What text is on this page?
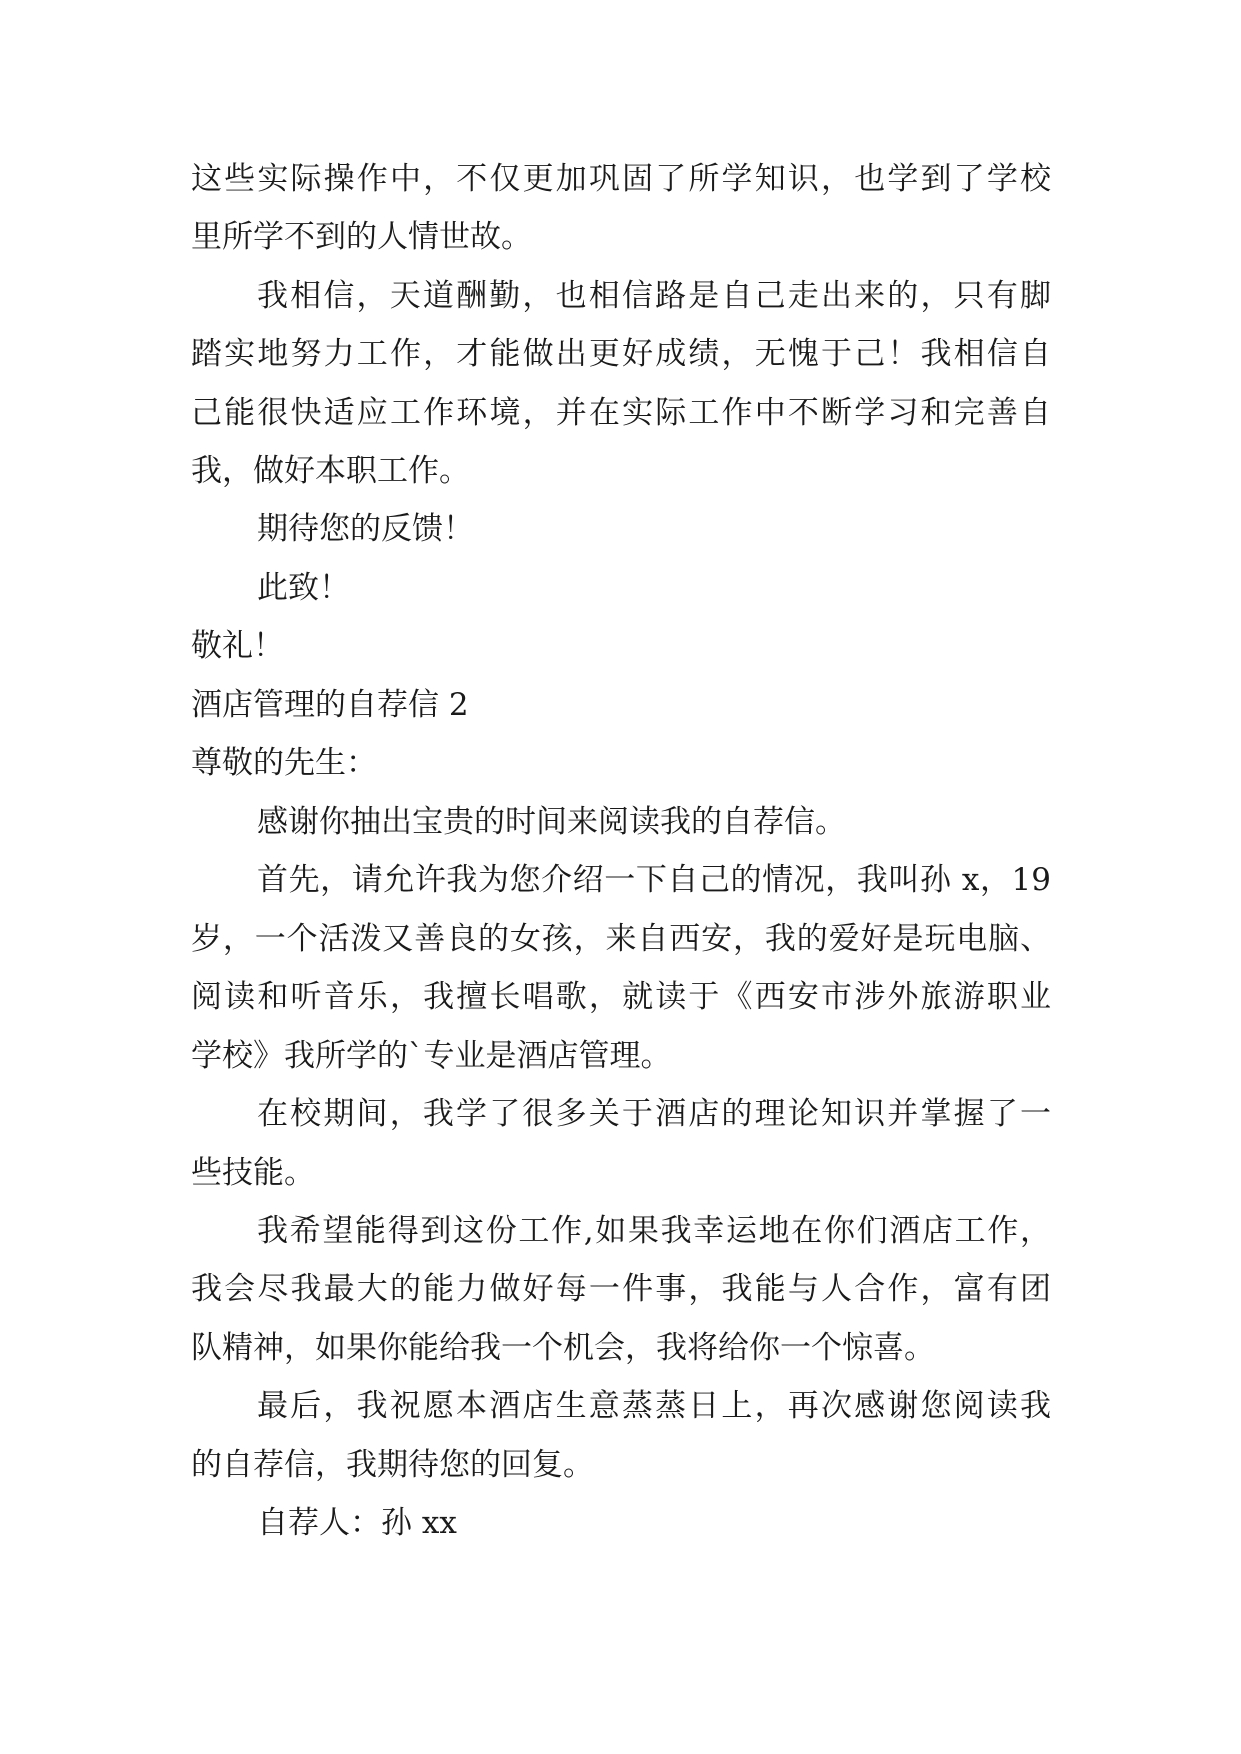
这些实际操作中，不仅更加巩固了所学知识，也学到了学校
里所学不到的人情世故。
我相信，天道酬勤，也相信路是自己走出来的，只有脚
踏实地努力工作，才能做出更好成绩，无愧于己！我相信自
己能很快适应工作环境，并在实际工作中不断学习和完善自
我，做好本职工作。
期待您的反馈！
此致！
敬礼！
酒店管理的自荐信 2
尊敬的先生：
感谢你抽出宝贵的时间来阅读我的自荐信。
首先，请允许我为您介绍一下自己的情况，我叫孙 x，19
岁，一个活泼又善良的女孩，来自西安，我的爱好是玩电脑、
阅读和听音乐，我擅长唱歌，就读于《西安市涉外旅游职业
学校》我所学的`专业是酒店管理。
在校期间，我学了很多关于酒店的理论知识并掌握了一
些技能。
我希望能得到这份工作,如果我幸运地在你们酒店工作，
我会尽我最大的能力做好每一件事，我能与人合作，富有团
队精神，如果你能给我一个机会，我将给你一个惊喜。
最后，我祝愿本酒店生意蒸蒸日上，再次感谢您阅读我
的自荐信，我期待您的回复。
自荐人：孙 xx
